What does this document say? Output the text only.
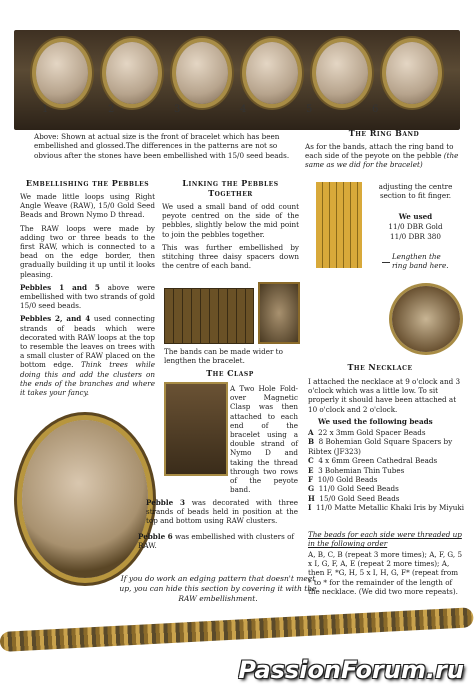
1	2	3	4	5	6

Above: Shown at actual size is the front of bracelet which has been embellished and glossed.The differences in the patterns are not so obvious after the stones have been embellished with 15/0 seed beads.

Embellishing the Pebbles

We made little loops using Right Angle Weave (RAW), 15/0 Gold Seed Beads and Brown Nymo D thread.

The RAW loops were made by adding two or three beads to the first RAW, which is connected to a bead on the edge border, then gradually building it up until it looks pleasing.

Pebbles 1 and 5 above were embellished with two strands of gold 15/0 seed beads.

Pebbles 2, and 4 used connecting strands of beads which were decorated with RAW loops at the top to resemble the leaves on trees with a small cluster of RAW placed on the bottom edge. Think trees while doing this and add the clusters on the ends of the branches and where it takes your fancy.

Linking the Pebbles Together

We used a small band of odd count peyote centred on the side of the pebbles, slightly below the mid point to join the pebbles together.

This was further embellished by stitching three daisy spacers down the centre of each band.

The bands can be made wider to lengthen the bracelet.

The Clasp

A Two Hole Fold-over Magnetic Clasp was then attached to each end of the bracelet using a double strand of Nymo D and taking the thread through two rows of the peyote band.

Pebble 3 was decorated with three strands of beads held in position at the top and bottom using RAW clusters.

Pebble 6 was embellished with clusters of RAW.

The Ring Band

As for the bands, attach the ring band to each side of the peyote on the pebble (the same as we did for the bracelet)

adjusting the centre section to fit finger.

We used
11/0 DBR Gold
11/0 DBR 380
Lengthen the ring band here.
The Necklace

I attached the necklace at 9 o'clock and 3 o'clock which was a little low. To sit properly it should have been attached at 10 o'clock and 2 o'clock.

We used the following beads
A 22 x 3mm Gold Spacer Beads
B 8 Bohemian Gold Square Spacers by Ribtex (JF323)
C 4 x 6mm Green Cathedral Beads
E 3 Bohemian Thin Tubes
F 10/0 Gold Beads
G 11/0 Gold Seed Beads
H 15/0 Gold Seed Beads
I 11/0 Matte Metallic Khaki Iris by Miyuki

The beads for each side were threaded up in the following order

A, B, C, B (repeat 3 more times); A, F, G, 5 x I, G, F, A, E (repeat 2 more times); A, then F, *G, H, 5 x I, H, G, F* (repeat from * to * for the remainder of the length of the necklace. (We did two more repeats).

If you do work an edging pattern that doesn't meet up, you can hide this section by covering it with the RAW embellishment.

PassionForum.ru
